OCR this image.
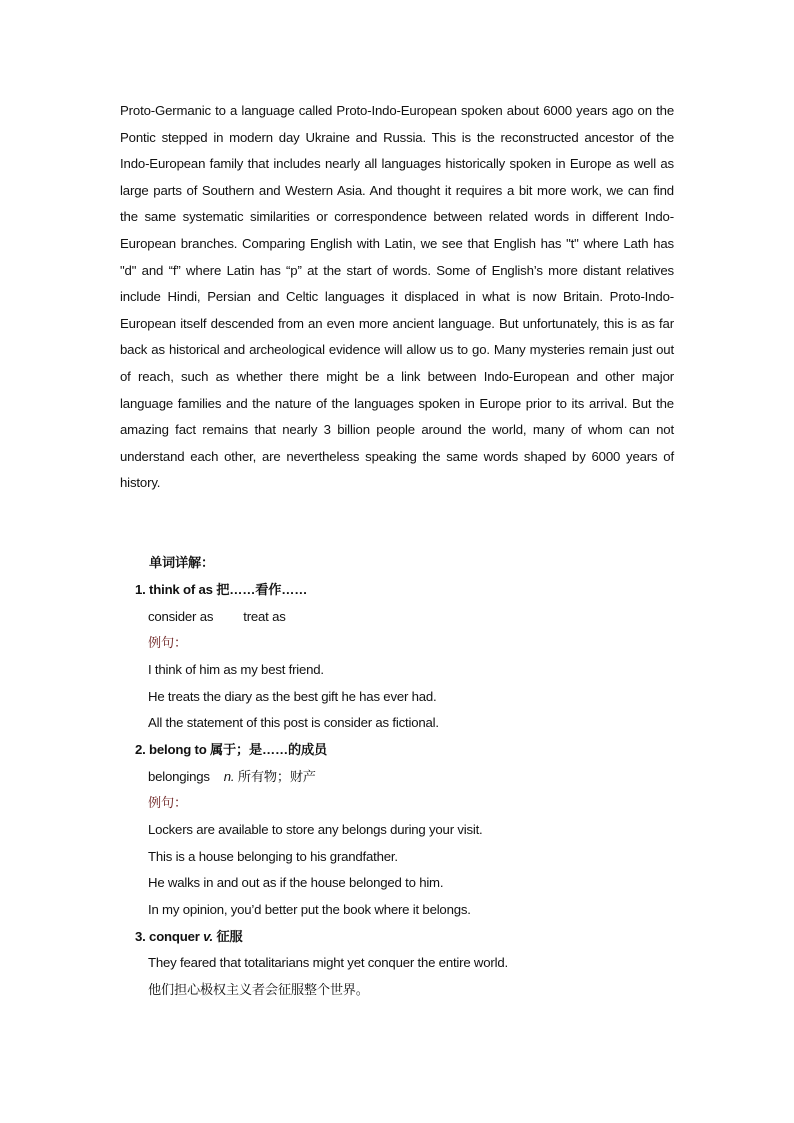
Proto-Germanic to a language called Proto-Indo-European spoken about 6000 years ago on the Pontic stepped in modern day Ukraine and Russia. This is the reconstructed ancestor of the Indo-European family that includes nearly all languages historically spoken in Europe as well as large parts of Southern and Western Asia. And thought it requires a bit more work, we can find the same systematic similarities or correspondence between related words in different Indo-European branches. Comparing English with Latin, we see that English has "t" where Lath has "d" and “f” where Latin has “p” at the start of words. Some of English’s more distant relatives include Hindi, Persian and Celtic languages it displaced in what is now Britain. Proto-Indo-European itself descended from an even more ancient language. But unfortunately, this is as far back as historical and archeological evidence will allow us to go. Many mysteries remain just out of reach, such as whether there might be a link between Indo-European and other major language families and the nature of the languages spoken in Europe prior to its arrival. But the amazing fact remains that nearly 3 billion people around the world, many of whom can not understand each other, are nevertheless speaking the same words shaped by 6000 years of history.

单词详解：
1. think of as 把……看作……
consider as treat as
例句：
I think of him as my best friend.
He treats the diary as the best gift he has ever had.
All the statement of this post is consider as fictional.
2. belong to 属于；是……的成员
belongings n. 所有物；财产
例句：
Lockers are available to store any belongs during your visit.
This is a house belonging to his grandfather.
He walks in and out as if the house belonged to him.
In my opinion, you’d better put the book where it belongs.
3. conquer v. 征服
They feared that totalitarians might yet conquer the entire world.
他们担心极权主义者会征服整个世界。
